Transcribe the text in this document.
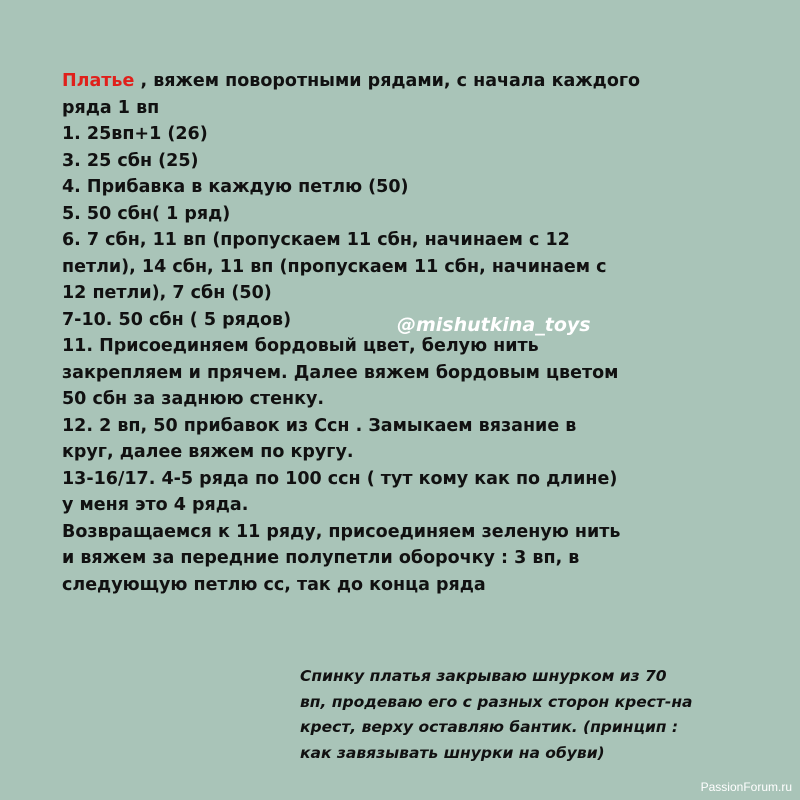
Платье , вяжем поворотными рядами, с начала каждого
ряда 1 вп
1. 25вп+1 (26)
3. 25 сбн (25)
4. Прибавка в каждую петлю (50)
5. 50 сбн( 1 ряд)
6. 7 сбн, 11 вп (пропускаем 11 сбн, начинаем с 12
петли), 14 сбн, 11 вп (пропускаем 11 сбн, начинаем с
12 петли), 7 сбн (50)
7-10. 50 сбн ( 5 рядов)
11. Присоединяем бордовый цвет, белую нить
закрепляем и прячем. Далее вяжем бордовым цветом
50 сбн за заднюю стенку.
12. 2 вп, 50 прибавок из Ссн . Замыкаем вязание в
круг, далее вяжем по кругу.
13-16/17. 4-5 ряда по 100 ссн ( тут кому как по длине)
у меня это 4 ряда.
Возвращаемся к 11 ряду, присоединяем зеленую нить
и вяжем за передние полупетли оборочку : 3 вп, в
следующую петлю сс, так до конца ряда
@mishutkina_toys
Спинку платья закрываю шнурком из 70
вп, продеваю его с разных сторон крест-на
крест, верху оставляю бантик. (принцип :
как завязывать шнурки на обуви)
PassionForum.ru
